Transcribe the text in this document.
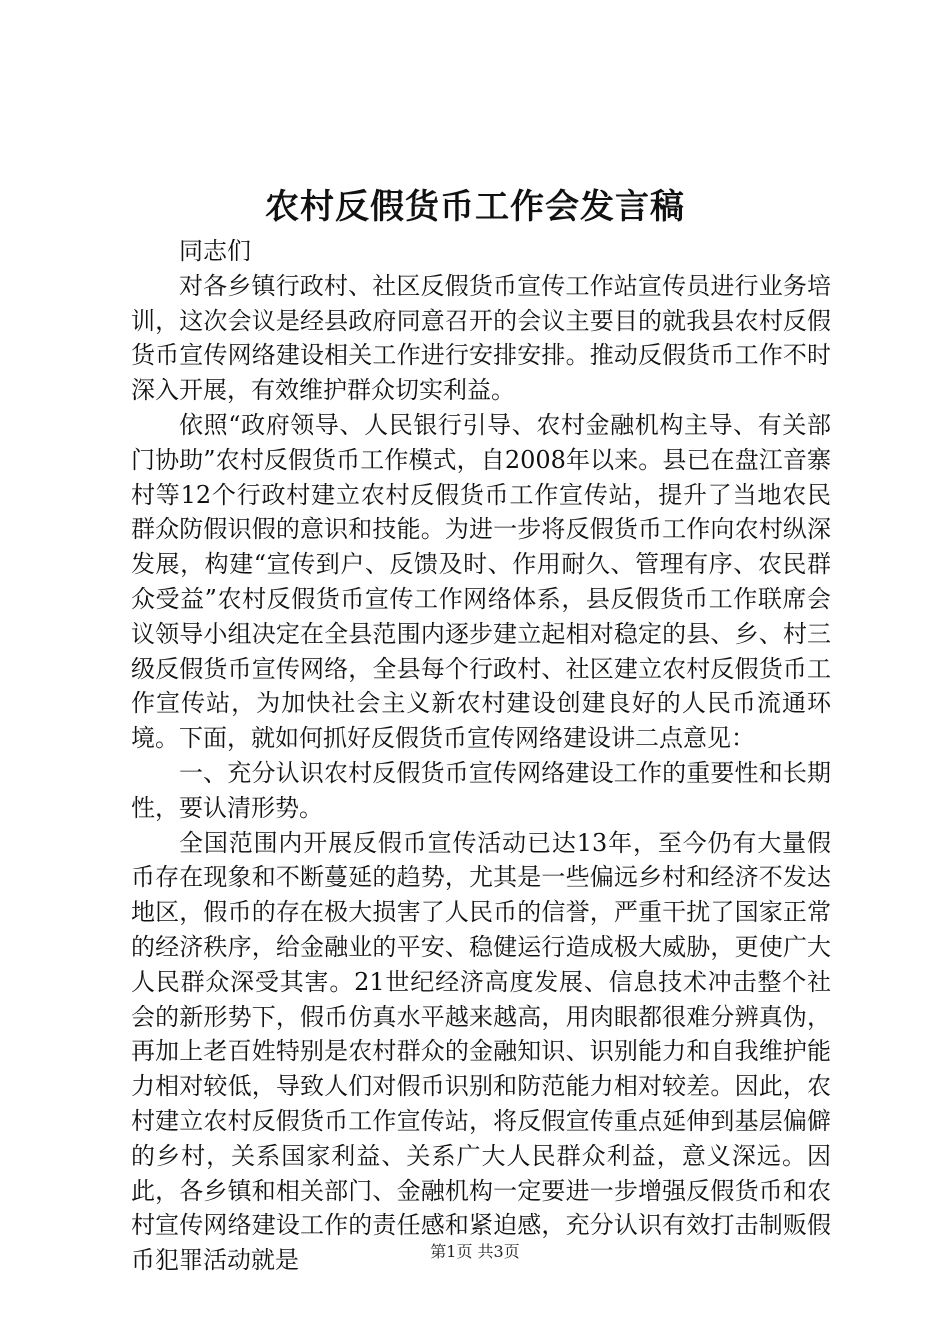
农村反假货币工作会发言稿

同志们

对各乡镇行政村、社区反假货币宣传工作站宣传员进行业务培训，这次会议是经县政府同意召开的会议主要目的就我县农村反假货币宣传网络建设相关工作进行安排安排。推动反假货币工作不时深入开展，有效维护群众切实利益。

依照“政府领导、人民银行引导、农村金融机构主导、有关部门协助”农村反假货币工作模式，自2008年以来。县已在盘江音寨村等12个行政村建立农村反假货币工作宣传站，提升了当地农民群众防假识假的意识和技能。为进一步将反假货币工作向农村纵深发展，构建“宣传到户、反馈及时、作用耐久、管理有序、农民群众受益”农村反假货币宣传工作网络体系，县反假货币工作联席会议领导小组决定在全县范围内逐步建立起相对稳定的县、乡、村三级反假货币宣传网络，全县每个行政村、社区建立农村反假货币工作宣传站，为加快社会主义新农村建设创建良好的人民币流通环境。下面，就如何抓好反假货币宣传网络建设讲二点意见：

一、充分认识农村反假货币宣传网络建设工作的重要性和长期性，要认清形势。

全国范围内开展反假币宣传活动已达13年，至今仍有大量假币存在现象和不断蔓延的趋势，尤其是一些偏远乡村和经济不发达地区，假币的存在极大损害了人民币的信誉，严重干扰了国家正常的经济秩序，给金融业的平安、稳健运行造成极大威胁，更使广大人民群众深受其害。21世纪经济高度发展、信息技术冲击整个社会的新形势下，假币仿真水平越来越高，用肉眼都很难分辨真伪，再加上老百姓特别是农村群众的金融知识、识别能力和自我维护能力相对较低，导致人们对假币识别和防范能力相对较差。因此，农村建立农村反假货币工作宣传站，将反假宣传重点延伸到基层偏僻的乡村，关系国家利益、关系广大人民群众利益，意义深远。因此，各乡镇和相关部门、金融机构一定要进一步增强反假货币和农村宣传网络建设工作的责任感和紧迫感，充分认识有效打击制贩假币犯罪活动就是	第1页 共3页
